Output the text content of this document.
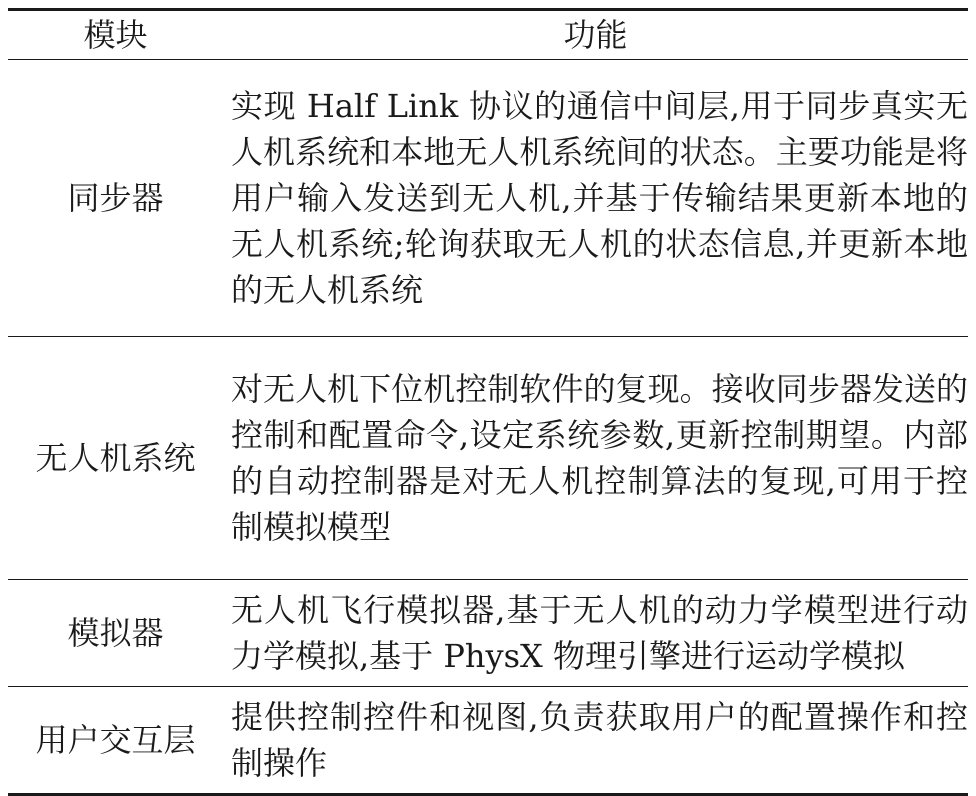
模块	功能
同步器	实现 Half Link 协议的通信中间层,用于同步真实无人机系统和本地无人机系统间的状态。主要功能是将用户输入发送到无人机,并基于传输结果更新本地的无人机系统;轮询获取无人机的状态信息,并更新本地的无人机系统
无人机系统	对无人机下位机控制软件的复现。接收同步器发送的控制和配置命令,设定系统参数,更新控制期望。内部的自动控制器是对无人机控制算法的复现,可用于控制模拟模型
模拟器	无人机飞行模拟器,基于无人机的动力学模型进行动力学模拟,基于 PhysX 物理引擎进行运动学模拟
用户交互层	提供控制控件和视图,负责获取用户的配置操作和控制操作
